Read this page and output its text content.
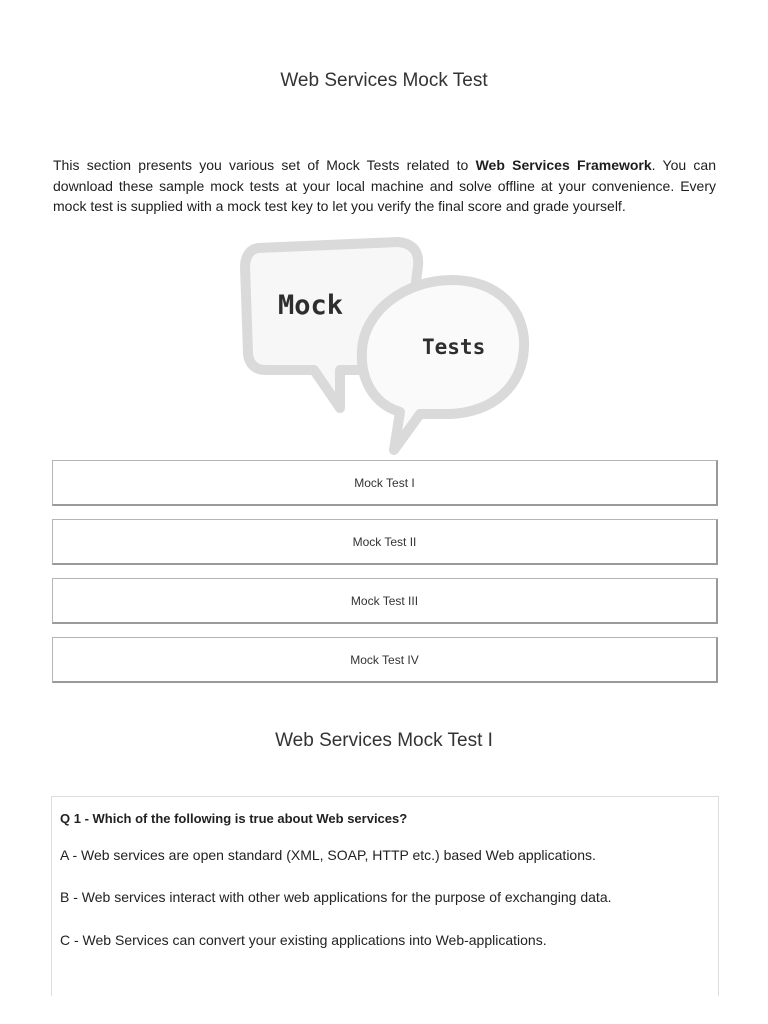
Web Services Mock Test
This section presents you various set of Mock Tests related to Web Services Framework. You can download these sample mock tests at your local machine and solve offline at your convenience. Every mock test is supplied with a mock test key to let you verify the final score and grade yourself.
Mock
Tests
Mock Test I
Mock Test II
Mock Test III
Mock Test IV
Web Services Mock Test I
Q 1 - Which of the following is true about Web services?
A - Web services are open standard (XML, SOAP, HTTP etc.) based Web applications.
B - Web services interact with other web applications for the purpose of exchanging data.
C - Web Services can convert your existing applications into Web-applications.
